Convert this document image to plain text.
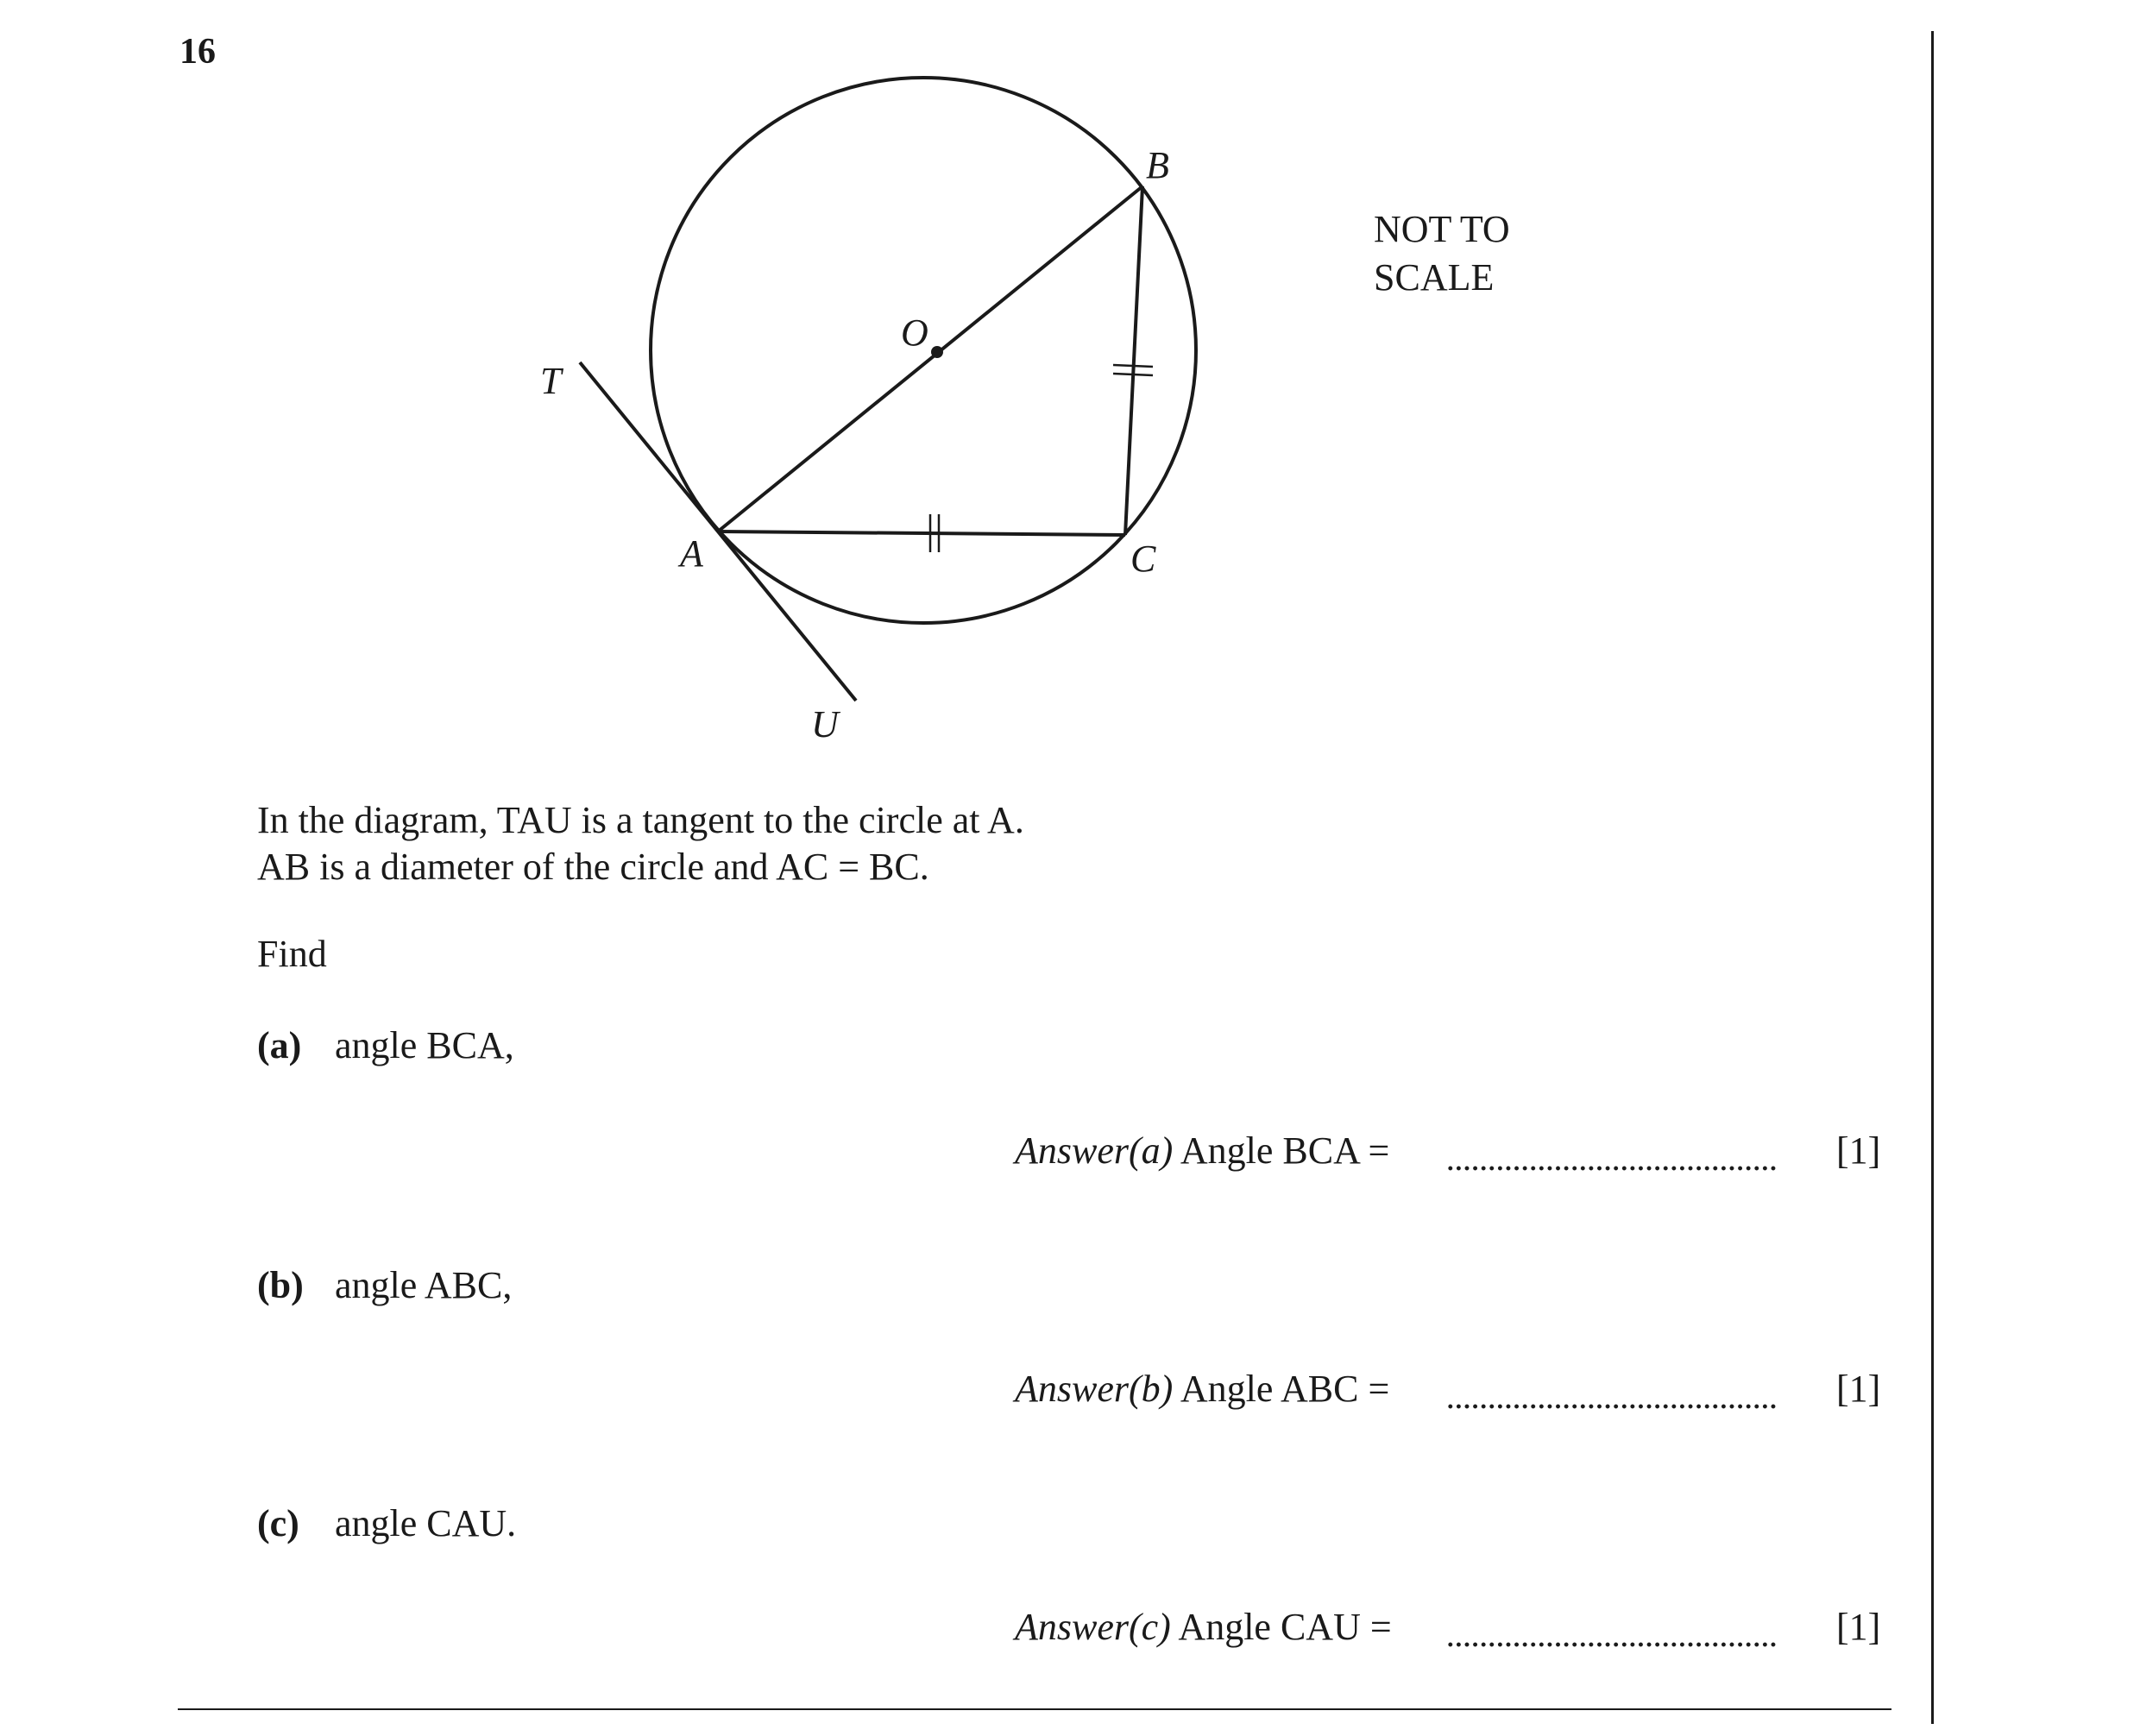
16
O
B
T
A	C
U
NOT TO
SCALE
In the diagram, TAU is a tangent to the circle at A.
AB is a diameter of the circle and AC = BC.
Find
(a) angle BCA,
Answer(a) Angle BCA =	[1]
(b) angle ABC,
Answer(b) Angle ABC =	[1]
(c) angle CAU.
Answer(c) Angle CAU =	[1]
